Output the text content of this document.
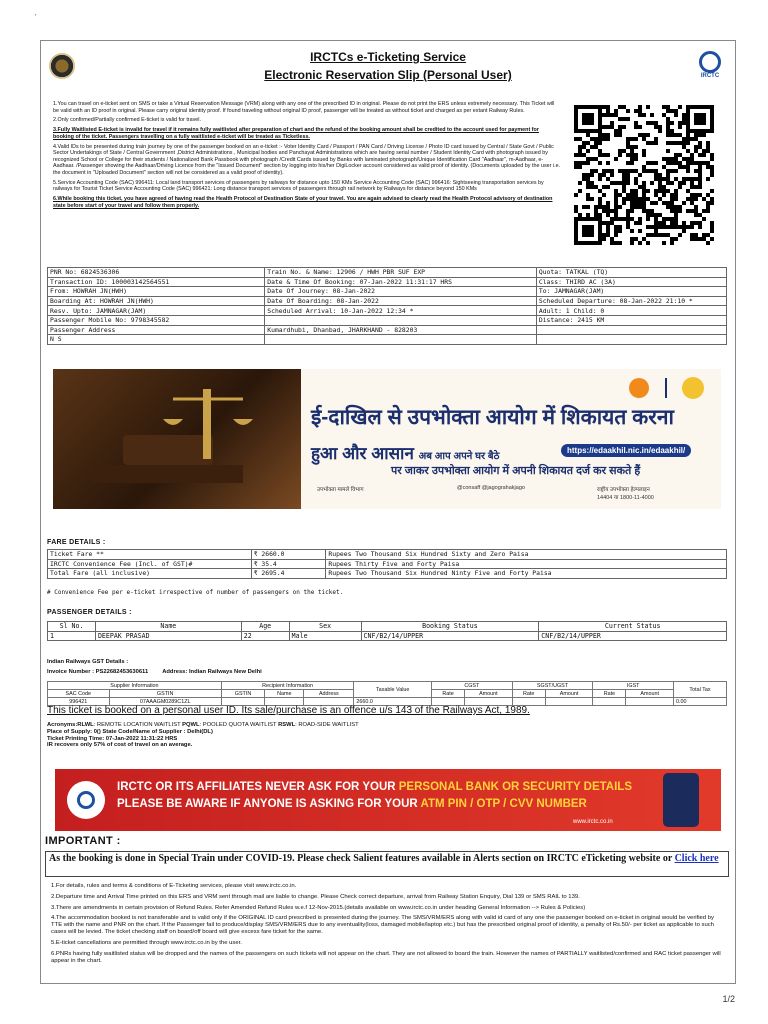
'
IRCTCs e-Ticketing Service
Electronic Reservation Slip (Personal User)	IRCTC

1.You can travel on e-ticket sent on SMS or take a Virtual Reservation Message (VRM) along with any one of the prescribed ID in original. Please do not print the ERS unless extremely necessary. This Ticket will be valid with an ID proof in original. Please carry original identity proof. If found traveling without original ID proof, passenger will be treated as without ticket and charged as per extant Railway Rules.

2.Only confirmed/Partially confirmed E-ticket is valid for travel.

3.Fully Waitlisted E-ticket is invalid for travel if it remains fully waitlisted after preparation of chart and the refund of the booking amount shall be credited to the account used for payment for booking of the ticket. Passengers travelling on a fully waitlisted e-ticket will be treated as Ticketless.

4.Valid IDs to be presented during train journey by one of the passenger booked on an e-ticket :- Voter Identity Card / Passport / PAN Card / Driving License / Photo ID card issued by Central / State Govt / Public Sector Undertakings of State / Central Government ,District Administrations , Municipal bodies and Panchayat Administrations which are having serial number / Student Identity Card with photograph issued by recognized School or College for their students / Nationalized Bank Passbook with photograph /Credit Cards issued by Banks with laminated photograph/Unique Identification Card "Aadhaar", m-Aadhaar, e-Aadhaar. /Passenger showing the Aadhaar/Driving Licence from the "Issued Document" section by logging into his/her DigiLocker account considered as valid proof of identity. (Documents uploaded by the user i.e. the document in "Uploaded Document" section will not be considered as a valid proof of identity).

5.Service Accounting Code (SAC) 996411: Local land transport services of passengers by railways for distance upto 150 KMs Service Accounting Code (SAC) 996416: Sightseeing transportation services by railways for Tourist Ticket Service Accounting Code (SAC) 996421: Long distance transport services of passengers through rail network by Railways for distance beyond 150 KMs

6.While booking this ticket, you have agreed of having read the Health Protocol of Destination State of your travel. You are again advised to clearly read the Health Protocol advisory of destination state before start of your travel and follow them properly.

PNR No: 6824536306	Train No. & Name: 12906 / HWH PBR SUF EXP	Quota: TATKAL (TQ)
Transaction ID: 100003142564551	Date & Time Of Booking: 07-Jan-2022 11:31:17 HRS	Class: THIRD AC (3A)
From: HOWRAH JN(HWH)	Date Of Journey: 08-Jan-2022	To: JAMNAGAR(JAM)
Boarding At: HOWRAH JN(HWH)	Date Of Boarding: 08-Jan-2022	Scheduled Departure: 08-Jan-2022 21:10 *
Resv. Upto: JAMNAGAR(JAM)	Scheduled Arrival: 10-Jan-2022 12:34 *	Adult: 1 Child: 0
Passenger Mobile No: 9798345582		Distance: 2415 KM
Passenger Address	Kumardhubi, Dhanbad, JHARKHAND - 828203	
N S		
ई-दाखिल से उपभोक्ता आयोग में शिकायत करना
हुआ और आसान अब आप अपने घर बैठे
https://edaakhil.nic.in/edaakhil/
पर जाकर उपभोक्ता आयोग में अपनी शिकायत दर्ज कर सकते हैं
उपभोक्ता मामले विभाग	@consaff @jagograhakjago	राष्ट्रीय उपभोक्ता हेल्पलाइन
14404 या 1800-11-4000
FARE DETAILS :
Ticket Fare **	₹ 2660.0	Rupees Two Thousand Six Hundred Sixty and Zero Paisa
IRCTC Convenience Fee (Incl. of GST)#	₹ 35.4	Rupees Thirty Five and Forty Paisa
Total Fare (all inclusive)	₹ 2695.4	Rupees Two Thousand Six Hundred Ninty Five and Forty Paisa
# Convenience Fee per e-ticket irrespective of number of passengers on the ticket.
PASSENGER DETAILS :
Sl No.	Name	Age	Sex	Booking Status	Current Status
1	DEEPAK PRASAD	22	Male	CNF/B2/14/UPPER	CNF/B2/14/UPPER
Indian Railways GST Details :
Invoice Number : PS22682453630611 Address: Indian Railways New Delhi
Supplier Information		Recipient Information			Taxable Value	CGST		SGST/UGST		IGST		Total Tax
SAC Code	GSTIN	GSTIN	Name	Address		Rate	Amount	Rate	Amount	Rate	Amount	
996421	07AAAGM0289C1ZL				2660.0							0.00
This ticket is booked on a personal user ID. Its sale/purchase is an offence u/s 143 of the Railways Act, 1989.
Acronyms:RLWL: REMOTE LOCATION WAITLIST PQWL: POOLED QUOTA WAITLIST RSWL: ROAD-SIDE WAITLIST
Place of Supply: 0() State Code/Name of Supplier : Delhi(DL)
Ticket Printing Time: 07-Jan-2022 11:31:22 HRS
IR recovers only 57% of cost of travel on an average.
IRCTC OR ITS AFFILIATES NEVER ASK FOR YOUR PERSONAL BANK OR SECURITY DETAILS
PLEASE BE AWARE IF ANYONE IS ASKING FOR YOUR ATM PIN / OTP / CVV NUMBER
www.irctc.co.in
IMPORTANT :
As the booking is done in Special Train under COVID-19. Please check Salient features available in Alerts section on IRCTC eTicketing website or Click here

1.For details, rules and terms & conditions of E-Ticketing services, please visit www.irctc.co.in.

2.Departure time and Arrival Time printed on this ERS and VRM sent through mail are liable to change. Please Check correct departure, arrival from Railway Station Enquiry, Dial 139 or SMS RAIL to 139.

3.There are amendments in certain provision of Refund Rules. Refer Amended Refund Rules w.e.f 12-Nov-2015.(details available on www.irctc.co.in under heading General Information --> Rules & Policies)

4.The accommodation booked is not transferable and is valid only if the ORIGINAL ID card prescribed is presented during the journey. The SMS/VRM/ERS along with valid id card of any one the passenger booked on e-ticket in original would be verified by TTE with the name and PNR on the chart. If the Passenger fail to produce/display SMS/VRM/ERS due to any eventuality(loss, damaged mobile/laptop etc.) but has the prescribed original proof of identity, a penalty of Rs.50/- per ticket as applicable to such cases will be levied. The ticket checking staff on board/off board will give excess fare ticket for the same.

5.E-ticket cancellations are permitted through www.irctc.co.in by the user.

6.PNRs having fully waitlisted status will be dropped and the names of the passengers on such tickets will not appear on the chart. They are not allowed to board the train. However the names of PARTIALLY waitlisted/confirmed and RAC ticket passenger will appear in the chart.

1/2
